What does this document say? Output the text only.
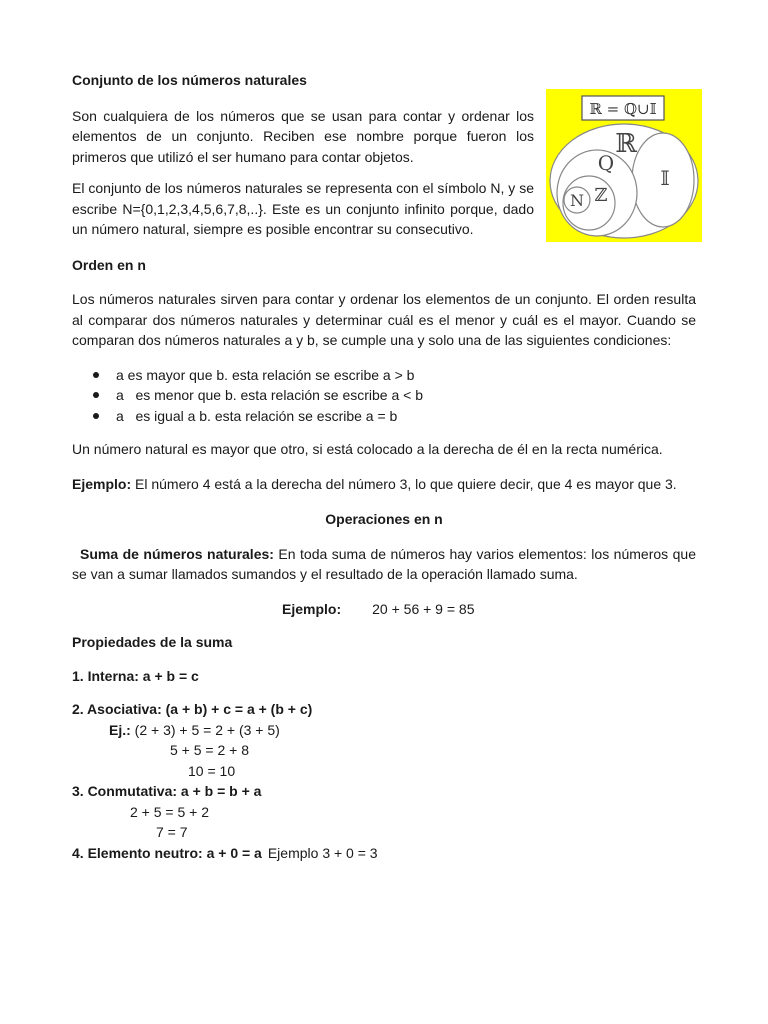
ℝ = ℚ∪𝕀
ℝ
Q
𝕀
ℤ
N

Conjunto de los números naturales

Son cualquiera de los números que se usan para contar y ordenar los elementos de un conjunto. Reciben ese nombre porque fueron los primeros que utilizó el ser humano para contar objetos.

El conjunto de los números naturales se representa con el símbolo N, y se escribe N={0,1,2,3,4,5,6,7,8,..}. Este es un conjunto infinito porque, dado un número natural, siempre es posible encontrar su consecutivo.

Orden en n

Los números naturales sirven para contar y ordenar los elementos de un conjunto. El orden resulta al comparar dos números naturales y determinar cuál es el menor y cuál es el mayor. Cuando se comparan dos números naturales a y b, se cumple una y solo una de las siguientes condiciones:

a es mayor que b. esta relación se escribe a > b
a   es menor que b. esta relación se escribe a < b
a   es igual a b. esta relación se escribe a = b

Un número natural es mayor que otro, si está colocado a la derecha de él en la recta numérica.

Ejemplo: El número 4 está a la derecha del número 3, lo que quiere decir, que 4 es mayor que 3.

Operaciones en n

Suma de números naturales: En toda suma de números hay varios elementos: los números que se van a sumar llamados sumandos y el resultado de la operación llamado suma.

Ejemplo: 20 + 56 + 9 = 85

Propiedades de la suma

1. Interna: a + b = c

2. Asociativa: (a + b) + c = a + (b + c)

Ej.: (2 + 3) + 5 = 2 + (3 + 5)

5 + 5 = 2 + 8

10 = 10

3. Conmutativa: a + b = b + a

2 + 5 = 5 + 2

7 = 7

4. Elemento neutro: a + 0 = a Ejemplo 3 + 0 = 3
